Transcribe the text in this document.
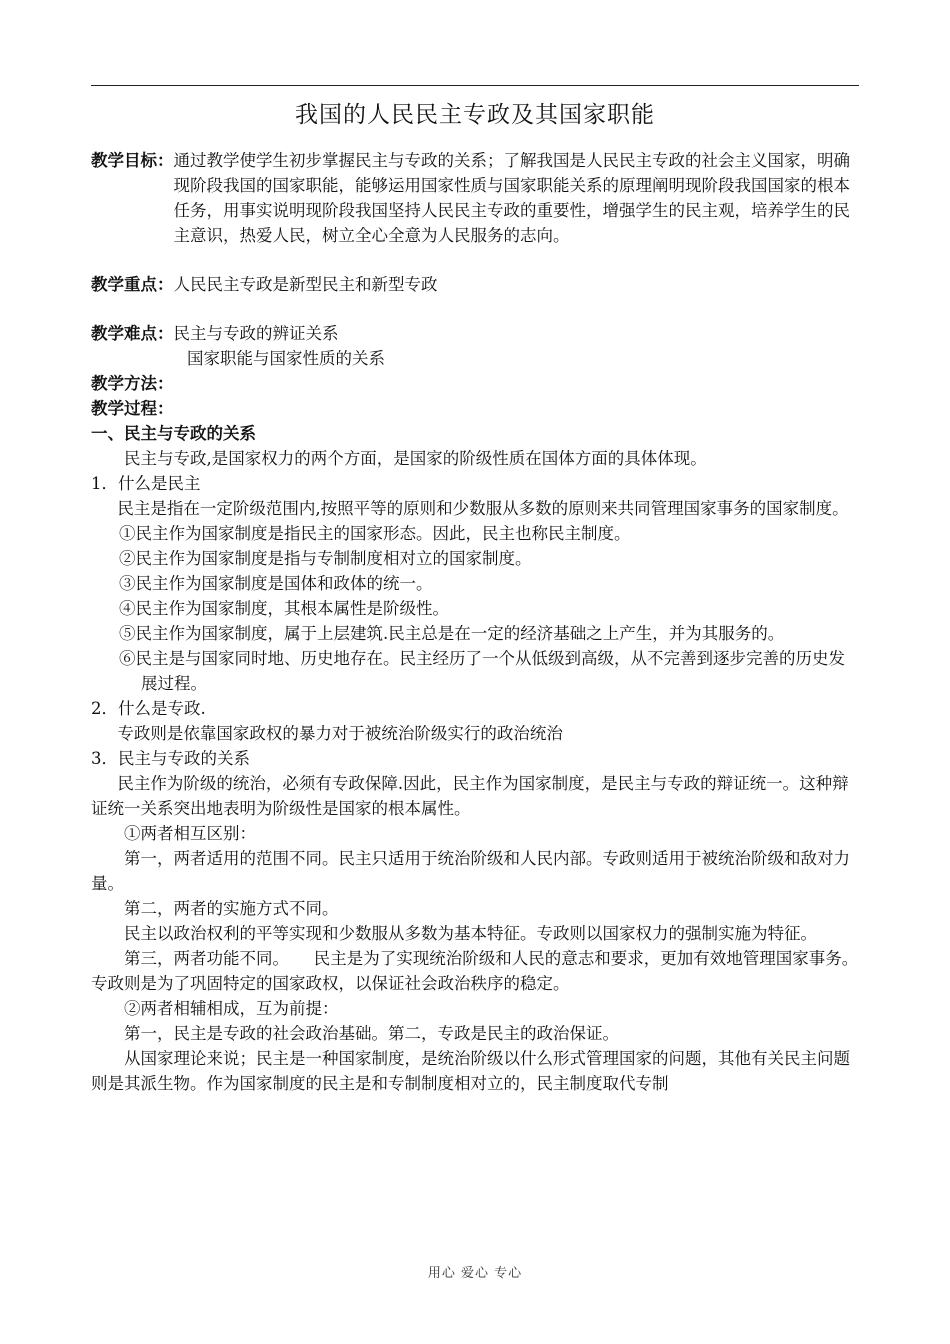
我国的人民民主专政及其国家职能
教学目标： 通过教学使学生初步掌握民主与专政的关系；了解我国是人民民主专政的社会主义国家，明确现阶段我国的国家职能，能够运用国家性质与国家职能关系的原理阐明现阶段我国国家的根本任务，用事实说明现阶段我国坚持人民民主专政的重要性，增强学生的民主观，培养学生的民主意识，热爱人民，树立全心全意为人民服务的志向。
教学重点： 人民民主专政是新型民主和新型专政
教学难点： 民主与专政的辨证关系

国家职能与国家性质的关系

教学方法：

教学过程：

一、民主与专政的关系

民主与专政,是国家权力的两个方面，是国家的阶级性质在国体方面的具体体现。

1．什么是民主

民主是指在一定阶级范围内,按照平等的原则和少数服从多数的原则来共同管理国家事务的国家制度。

①民主作为国家制度是指民主的国家形态。因此，民主也称民主制度。

②民主作为国家制度是指与专制制度相对立的国家制度。

③民主作为国家制度是国体和政体的统一。

④民主作为国家制度，其根本属性是阶级性。

⑤民主作为国家制度，属于上层建筑.民主总是在一定的经济基础之上产生，并为其服务的。

⑥民主是与国家同时地、历史地存在。民主经历了一个从低级到高级，从不完善到逐步完善的历史发展过程。

2．什么是专政.

专政则是依靠国家政权的暴力对于被统治阶级实行的政治统治

3．民主与专政的关系

民主作为阶级的统治，必须有专政保障.因此，民主作为国家制度，是民主与专政的辩证统一。这种辩证统一关系突出地表明为阶级性是国家的根本属性。

①两者相互区别：

第一，两者适用的范围不同。民主只适用于统治阶级和人民内部。专政则适用于被统治阶级和敌对力量。

第二，两者的实施方式不同。

民主以政治权利的平等实现和少数服从多数为基本特征。专政则以国家权力的强制实施为特征。

第三，两者功能不同。　　民主是为了实现统治阶级和人民的意志和要求，更加有效地管理国家事务。专政则是为了巩固特定的国家政权，以保证社会政治秩序的稳定。

②两者相辅相成，互为前提：

第一，民主是专政的社会政治基础。第二，专政是民主的政治保证。

从国家理论来说；民主是一种国家制度，是统治阶级以什么形式管理国家的问题，其他有关民主问题则是其派生物。作为国家制度的民主是和专制制度相对立的，民主制度取代专制

用心 爱心 专心
